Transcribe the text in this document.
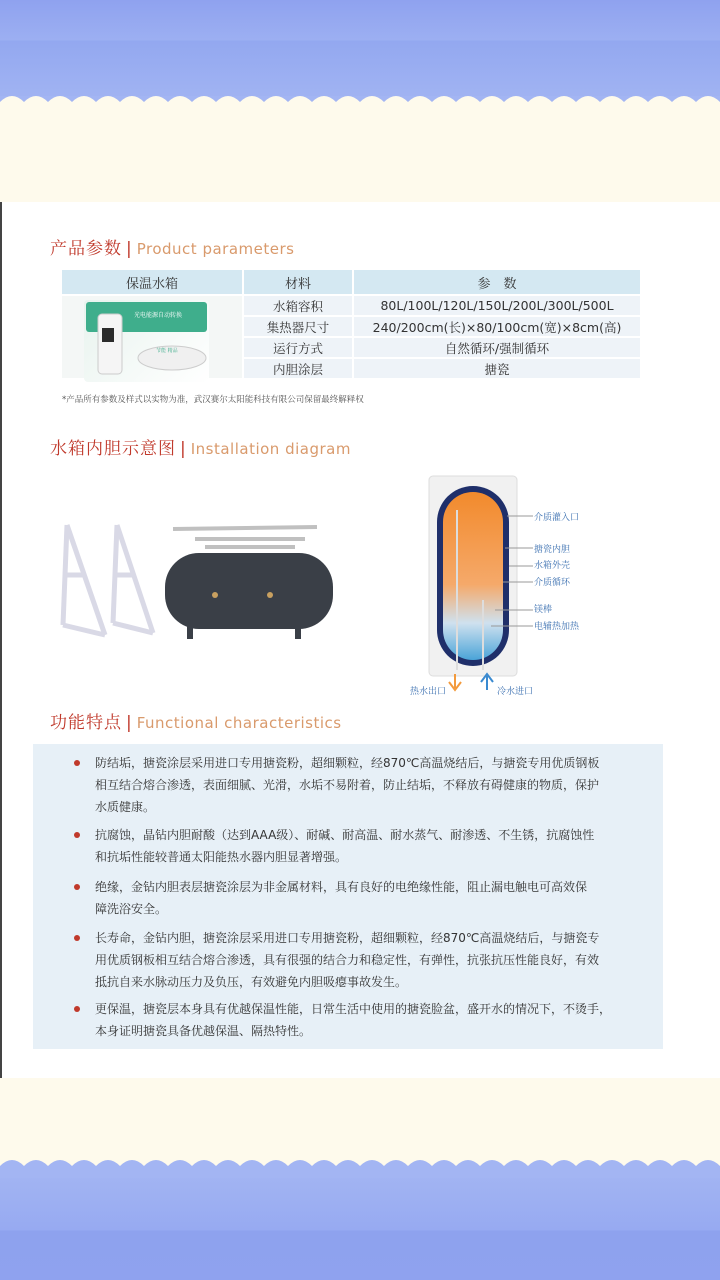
产品参数 | Product parameters
保温水箱	材料	参　数

光电能源自动转换
节能 精品	水箱容积	80L/100L/120L/150L/200L/300L/500L
	集热器尺寸	240/200cm(长)×80/100cm(宽)×8cm(高)
	运行方式	自然循环/强制循环
	内胆涂层	搪瓷
*产品所有参数及样式以实物为准，武汉赛尔太阳能科技有限公司保留最终解释权
水箱内胆示意图 | Installation diagram
介质灌入口
搪瓷内胆
水箱外壳
介质循环
镁棒
电辅热加热
热水出口	冷水进口
功能特点 | Functional characteristics
防结垢，搪瓷涂层采用进口专用搪瓷粉，超细颗粒，经870℃高温烧结后，与搪瓷专用优质钢板
相互结合熔合渗透，表面细腻、光滑，水垢不易附着，防止结垢，不释放有碍健康的物质，保护
水质健康。
抗腐蚀，晶钻内胆耐酸（达到AAA级）、耐碱、耐高温、耐水蒸气、耐渗透、不生锈，抗腐蚀性
和抗垢性能较普通太阳能热水器内胆显著增强。
绝缘，金钻内胆表层搪瓷涂层为非金属材料，具有良好的电绝缘性能，阻止漏电触电可高效保
障洗浴安全。
长寿命，金钻内胆，搪瓷涂层采用进口专用搪瓷粉，超细颗粒，经870℃高温烧结后，与搪瓷专
用优质钢板相互结合熔合渗透，具有很强的结合力和稳定性，有弹性，抗张抗压性能良好，有效
抵抗自来水脉动压力及负压，有效避免内胆吸瘪事故发生。
更保温，搪瓷层本身具有优越保温性能，日常生活中使用的搪瓷脸盆，盛开水的情况下，不烫手，
本身证明搪瓷具备优越保温、隔热特性。
